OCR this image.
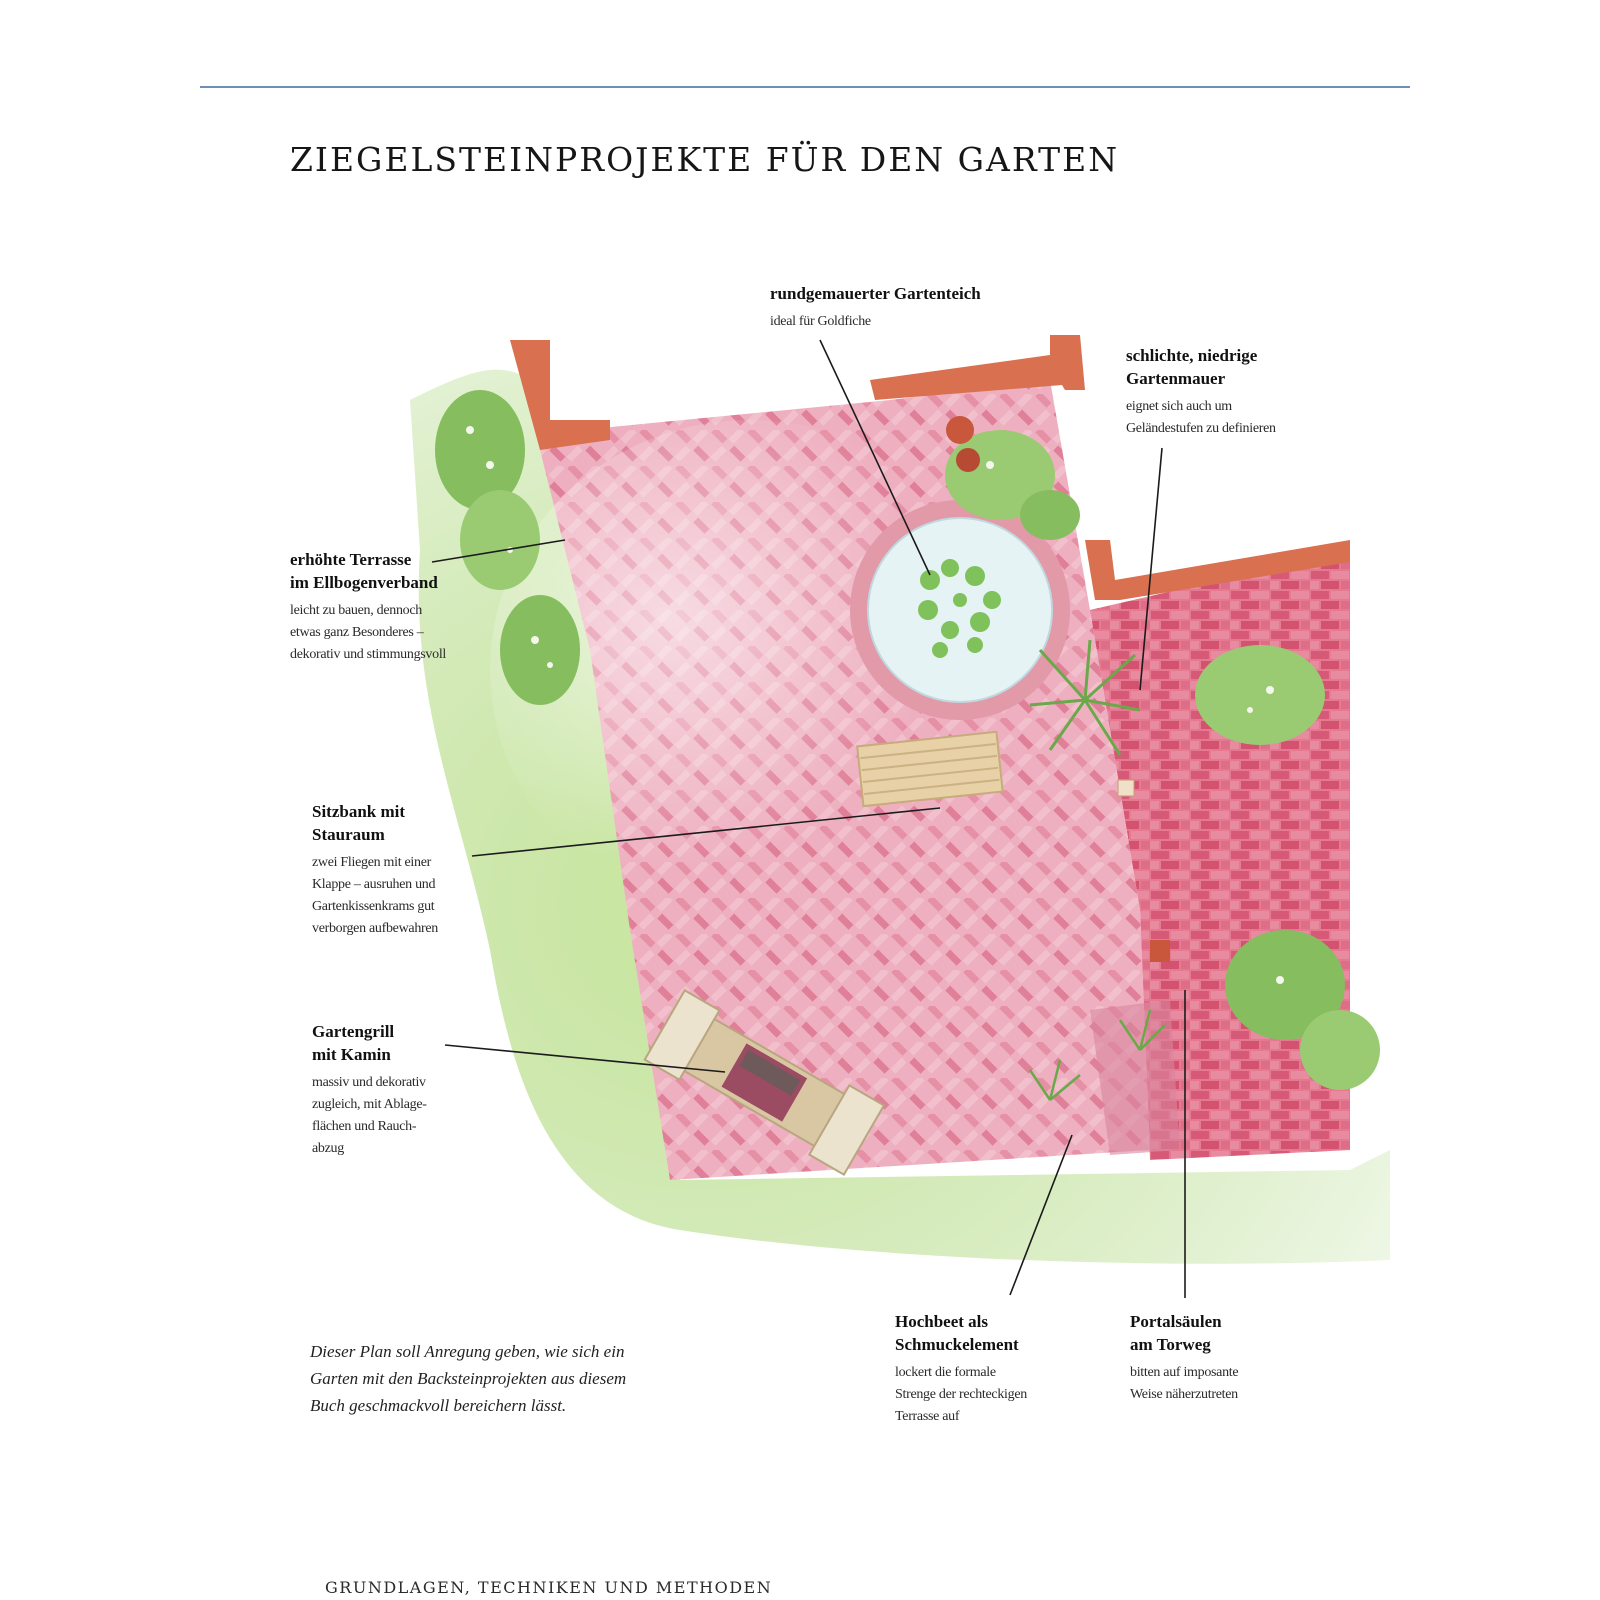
ZIEGELSTEINPROJEKTE FÜR DEN GARTEN
rundgemauerter Gartenteich
ideal für Goldfiche
schlichte, niedrige
Gartenmauer
eignet sich auch um
Geländestufen zu definieren
erhöhte Terrasse
im Ellbogenverband
leicht zu bauen, dennoch
etwas ganz Besonderes –
dekorativ und stimmungsvoll
Sitzbank mit
Stauraum
zwei Fliegen mit einer
Klappe – ausruhen und
Gartenkissenkrams gut
verborgen aufbewahren
Gartengrill
mit Kamin
massiv und dekorativ
zugleich, mit Ablage-
flächen und Rauch-
abzug
Hochbeet als
Schmuckelement
lockert die formale
Strenge der rechteckigen
Terrasse auf
Portalsäulen
am Torweg
bitten auf imposante
Weise näherzutreten
Dieser Plan soll Anregung geben, wie sich ein
Garten mit den Backsteinprojekten aus diesem
Buch geschmackvoll bereichern lässt.
GRUNDLAGEN, TECHNIKEN UND METHODEN
